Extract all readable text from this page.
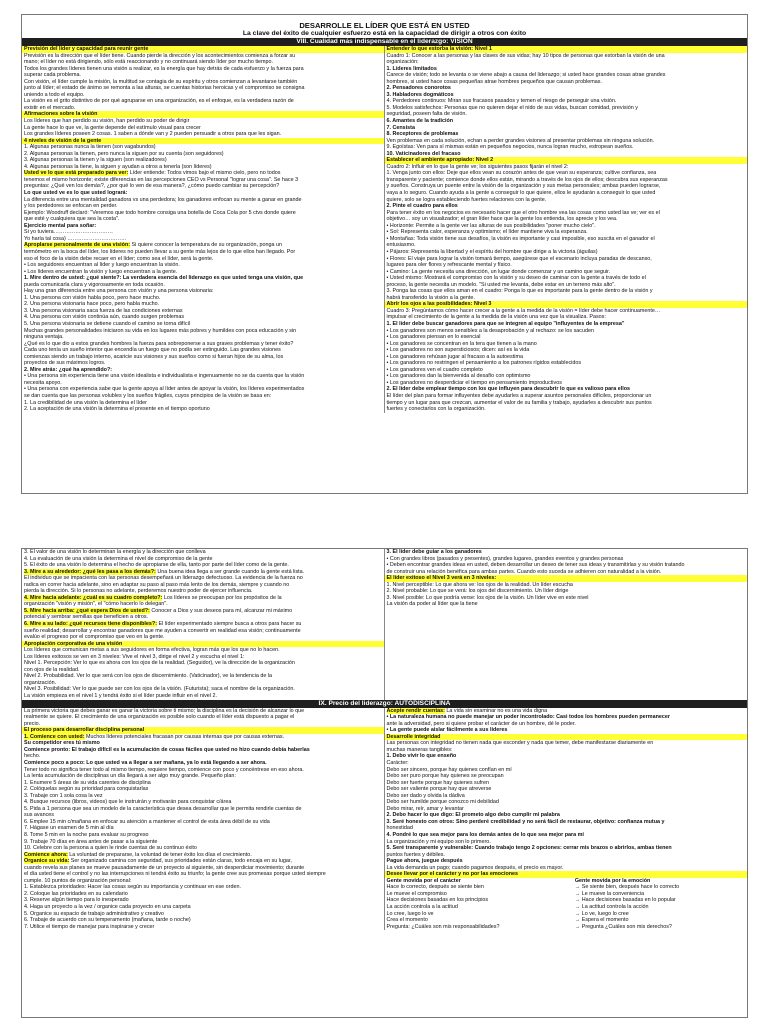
DESARROLLE EL LÍDER QUE ESTÁ EN USTED
La clave del éxito de cualquier esfuerzo está en la capacidad de dirigir a otros con éxito
VIII. Cualidad más indispensable en el liderazgo: VISIÓN
Previsión del líder y capacidad para reunir gente
Previsión es la dirección que el líder tiene. Cuando pierde la dirección y los acontecimientos comienza a forzar su
mano; el líder no está dirigiendo, sólo está reaccionando y no continuará siendo líder por mucho tiempo.
Todos los grandes líderes tienen una visión a realizar, es la energía que hay detrás de cada esfuerzo y la fuerza para
superar cada problema.
Con visión, el líder cumple la misión, la multitud se contagia de su espíritu y otros comienzan a levantarse también
junto al líder; el estado de ánimo se remonta a las alturas, se cuentas historias heroicas y el compromiso se consigna
uniendo a todo el equipo.
La visión es el grito distintivo de por qué agruparse en una organización, es el enfoque, es la verdadera razón de
existir en el mercado.
Afirmaciones sobre la visión
Los líderes que han perdido su visión, han perdido su poder de dirigir
La gente hace lo que ve, la gente depende del estímulo visual para crecer
Los grandes líderes poseen 2 cosas. 1 saben a dónde van y 2 pueden persuadir a otros para que les sigan.
4 niveles de visión de la gente
1. Algunas personas nunca la tienen (son vagabundos)
2. Algunas personas la tienen, pero nunca la siguen por su cuenta (son seguidores)
3. Algunas personas la tienen y la siguen (son realizadores)
4. Algunas personas la tiene, la siguen y ayudan a otros a tenerla (son líderes)
Usted ve lo que está preparado para ver: Líder entiende: Todos vimos bajo el mismo cielo, pero no todos
tenemos el mismo horizonte; existe diferencias en las percepciones CEO vs Personal "lograr una cosa". Se hace 3
preguntas: ¿Qué ven los demás?, ¿por qué lo ven de esa manera?, ¿cómo puedo cambiar su percepción?
Lo que usted ve es lo que usted logrará:
La diferencia entre una mentalidad ganadora vs una perdedora; los ganadores enfocan su mente a ganar en grande
y los perdedores se enfocan en perder.
Ejemplo: Woodruff declaró: "Veremos que todo hombre consiga una botella de Coca Cola por 5 ctvs donde quiere
que esté y cualquiera que sea la costa".
Ejercicio mental para soñar:
Si yo tuviera……………………………
Yo haría tal cosa) ……………………………
Aproplarse personalmente de una visión: Si quiere conocer la temperatura de su organización, ponga un
termómetro en la boca del líder, los líderes no pueden llevar a su gente más lejos de lo que ellos han llegado. Por
eso el foco de la visión debe recaer en el líder; como sea el líder, será la gente.
• Los seguidores encuentran al líder y luego encuentran la visión.
• Los líderes encuentran la visión y luego encuentran a la gente.
1. Mire dentro de usted: ¿qué siente?: La verdadera esencia del liderazgo es que usted tenga una visión, que
pueda comunicarla clara y vigorosamente en toda ocasión.
Hay una gran diferencia entre una persona con visión y una persona visionaria:
1. Una persona con visión habla poco, pero hace mucho.
2. Una persona visionaria hace poco, pero habla mucho.
3. Una persona visionaria saca fuerza de las condiciones externas
4. Una persona con visión continúa aún, cuando surgen problemas
5. Una persona visionaria se detiene cuando el camino se torna difícil
Muchas grandes personalidades iniciaron su vida en los lugares más pobres y humildes con poca educación y sin
ninguna ventaja.
¿Qué es lo que dio a estos grandes hombres la fuerza para sobreponerse a sus graves problemas y tener éxito?
Cada uno tenía un sueño interior que encendía un fuego que no podía ser extinguido. Las grandes visiones
comienzas siendo un trabajo interno, acaricie sus visiones y sus sueños como si fueran hijos de su alma, los
proyectos de sus máximos logros.
2. Mire atrás: ¿qué ha aprendido?:
• Una persona sin experiencia tiene una visión idealista e individualista e ingenuamente no se da cuenta que la visión
necesita apoyo.
• Una persona con experiencia sabe que la gente apoya al líder antes de apoyar la visión, los líderes experimentados
se dan cuenta que las personas volubles y los sueños frágiles, cuyos principios de la visión se basa en:
1. La credibilidad de una visión la determina el líder
2. La aceptación de una visión la determina el presente en el tiempo oportuno
Entender lo que estorba la visión: Nivel 1
Cuadro 1: Conocer a las personas y las claves de sus vidas; hay 10 tipos de personas que estorban la visión de una
organización:
1. Líderes limitados
Carece de visión; todo se levanta o se viene abajo a causa del liderazgo; si usted hace grandes cosas atrae grandes
hombres, si usted hace cosas pequeñas atrae hombres pequeños que causan problemas.
2. Pensadores conorotos
3. Habladores dogmáticos
4. Perdedores continuos: Miran sus fracasos pasados y temen el riesgo de perseguir una visión.
5. Modelos satisfechos: Personas que no quieren dejar el nido de sus vidas, buscan comidad, previsión y
seguridad, poseen falta de visión.
6. Amantes de la tradición
7. Censista
8. Receptores de problemas
Ven problemas en cada solución, echan a perder grandes visiones al presentar problemas sin ninguna solución.
9. Egoístas: Ven para sí mismas están en pequeños negocios, nunca logran mucho, estropean sueños.
10. Vaticinadores del fracaso
Establecer el ambiente apropiado: Nivel 2
Cuadro 2: Influir en lo que la gente ve; los siguientes pasos fijarán el nivel 2:
1. Venga junto con ellos: Deje que ellos vean su corazón antes de que vean su esperanza; cultive confianza, sea
transparente y paciente; comience donde ellos están, mirando a través de los ojos de ellos; descubra sus esperanzas
y sueños. Construya un puente entre la visión de la organización y sus metas personales; ambas pueden lograrse,
vaya a lo seguro. Cuando ayuda a la gente a conseguir lo que quiere, ellos le ayudarán a conseguir lo que usted
quiere, solo se logra estableciendo fuertes relaciones con la gente.
2. Pinte el cuadro para ellos
Para tener éxito en los negocios es necesario hacer que el otro hombre vea las cosas como usted las ve; ver es el
objetivo… soy un visualizador; el gran líder hace que la gente los entienda, los aprecie y los vea.
• Horizonte: Permite a la gente ver las alturas de sus posibilidades "poner mucho cielo".
• Sol: Representa calor, esperanza y optimismo; el líder mantiene viva la esperanza.
• Montañas: Toda visión tiene sus desafíos, la visión es importante y casi imposible, eso suscita en el ganador el
entusiasmo.
• Pájaros: Representa la libertad y el espíritu del hombre que dirige a la victoria (águilas)
• Flores: El viaje para lograr la visión tomará tiempo, asegúrese que el escenario incluya paradas de descanso,
lugares para oler flores y refrescante mental y físico.
• Camino: La gente necesita una dirección, un lugar donde comenzar y un camino que seguir.
• Usted mismo: Mostrará el compromiso con la visión y su deseo de caminar con la gente a través de todo el
proceso, la gente necesita un modelo. "Si usted me levanta, debe estar en un terreno más alto".
3. Ponga las cosas que ellos aman en el cuadro: Ponga lo que es importante para la gente dentro de la visión y
habrá transferido la visión a la gente.
Abrir los ojos a las posibilidades: Nivel 3
Cuadro 3: Pregúntamos cómo hacer crecer a la gente a la medida de la visión = líder debe hacer continuamente…
impulsar el crecimiento de la gente a la medida de la visión una vez que la visualiza. Pasos:
1. El líder debe buscar ganadores para que se integren al equipo "influyentes de la empresa"
• Los ganadores son menos sensibles a la desaprobación y al rechazo: se los sacuden
• Los ganadores piensan en lo esencial
• Los ganadores se concentran en la tera que tienen a la mano
• Los ganadores no son supersticiosos; dicen: así es la vida
• Los ganadores rehúsan jugar al fracaso a la autoestima
• Los ganadores no restringen el pensamiento a los patrones rígidos establecidos
• Los ganadores ven el cuadro completo
• Los ganadores dan la bienvenida al desafío con optimismo
• Los ganadores no desperdiciar el tiempo en pensamiento improductivos
2. El líder debe emplear tiempo con los que influyen para descubrir lo que es valioso para ellos
El líder del plan para formar influyentes debe ayudarles a superar asuntos personales difíciles, proporcionar un
tiempo y un lugar para que crezcan, aumentar el valor de su familia y trabajo, ayudarles a descubrir sus puntos
fuertes y conectarlos con la organización.
3. El valor de una visión lo determinan la energía y la dirección que conlleva
4. La evaluación de una visión la determina el nivel de compromiso de la gente
5. El éxito de una visión lo determina el hecho de apropiarse de ella, tanto por parte del líder como de la gente.
3. Mire a su alrededor: ¿qué les pasa a los demás?: Una buena idea llega a ser grande cuando la gente está lista.
El individuo que se impacienta con las personas desempeñará un liderazgo defectuoso. La evidencia de la fuerza no
radica en correr hacia adelante, sino en adaptar su paso al paso más lento de los demás, siempre y cuando no
pierda la dirección. Si lo personas no adelante, perderemos nuestro poder de ejercer influencia.
4. Mire hacia adelante: ¿cuál es su cuadro completo?: Los líderes se preocupan por los propósitos de la
organización "visión y misión", el "cómo hacerlo lo delegan".
5. Mire hacia arriba: ¿qué espera Dios de usted?: Conocer a Dios y sus deseos para mí, alcanzar mi máximo
potencial y sembrar semillas que beneficien a otros.
6. Mire a su lado: ¿qué recursos tiene disponibles?: El líder experimentado siempre busca a otros para hacer su
sueño realidad; desarrollar y encontrar ganadores que me ayuden a convertir en realidad esa visión; continuamente
evalúo el progreso por el compromiso que veo en la gente.
Apropiación corporativa de una visión
Los líderes que comunican metas a sus seguidores en forma efectiva, logran más que los que no lo hacen.
Los líderes exitosos se ven en 3 niveles: Vive el nivel 3, dirige el nivel 2 y escucha el nivel 1:
Nivel 1. Percepción: Ver lo que es ahora con los ojos de la realidad. (Seguidor), ve la dirección de la organización
con ojos de la realidad.
Nivel 2. Probabilidad. Ver lo que será con los ojos de discernimiento. (Vaticinador), ve la tendencia de la
organización.
Nivel 3. Posibilidad: Ver lo que puede ser con los ojos de la visión. (Futurista); saca el nombre de la organización.
La visión empieza en el nivel 1 y tendrá éxito si el líder puede influir en el nivel 2.
3. El líder debe guiar a los ganadores
• Con grandes libros (pasados y presentes), grandes lugares, grandes eventos y grandes personas
• Deben encontrar grandes ideas en usted, deben desarrollar un deseo de tener sus ideas y transmitirlas y su visión tratando
de construir una relación benéfica para ambas partes. Cuando esto suceda se adhieren con naturalidad a la visión.
El líder exitoso el Nivel 3 verá en 3 niveles:
1. Nivel perceptible: Lo que ahora ve: los ojos de la realidad. Un líder escucha
2. Nivel probable: Lo que se verá: los ojos del discernimiento. Un líder dirige
3. Nivel posible: Lo que podría verse: los ojos de la visión. Un líder vive en este nivel
La visión da poder al líder que la tiene
IX. Precio del liderazgo: AUTODISCIPLINA
La primera victoria que debes ganar es ganar la victoria sobre ti mismo; la disciplina es la decisión de alcanzar lo que
realmente se quiere. El crecimiento de una organización es posible solo cuando el líder está dispuesto a pagar el
precio.
El proceso para desarrollar disciplina personal
1. Comience con usted: Muchos líderes potenciales fracasan por causas internas que por causas externas.
Su competidor eres tú mismo
Comience pronto: El trabajo difícil es la acumulación de cosas fáciles que usted no hizo cuando debía haberlas
hecho.
Comience poco a poco: Lo que usted va a llegar a ser mañana, ya lo está llegando a ser ahora.
Tener todo no significa tener todo al mismo tiempo, requiere tiempo, comience con poco y concéntrese en eso ahora.
La lenta acumulación de disciplinas un día llegará a ser algo muy grande. Pequeño plan:
1. Enumere 5 áreas de su vida carentes de disciplina
2. Colóquelas según su prioridad para conquistarlas
3. Trabaje con 1 sola cosa la vez
4. Busque recursos (libros, videos) que le instruirán y motivarán para conquistar c/área
5. Pida a 1 persona que sea un modelo de la característica que desea desarrollar que le permita rendirle cuentas de
sus avances
6. Emplee 15 min c/mañana en enfocar su atención a mantener el control de esta área débil de su vida
7. Hágase un examen de 5 min al día
8. Tome 5 min en la noche para evaluar su progreso
9. Trabaje 70 días en área antes de pasar a la siguiente
10. Celebre con la persona a quien le rinde cuentas de su continuo éxito
Comience ahora: La voluntad de prepararse, la voluntad de tener éxito los días el crecimiento.
Organice su vida: Ser organizado camina con seguridad, sus prioridades están claras, todo encaja en su lugar,
cuando revela sus planes se mueve pausadamente de un proyecto al siguiente, sin desperdiciar movimiento; durante
el día usted tiene el control y no las interrupciones ni tendrá éxito su triunfo; la gente cree sus promesas porque usted siempre
cumple. 10 puntos de organización personal:
1. Establezca prioridades: Hacer las cosas según su importancia y continuar en ese orden.
2. Coloque las prioridades en su calendario
3. Reserve algún tiempo para lo inesperado
4. Haga un proyecto a la vez / organice cada proyecto en una carpeta
5. Organice su espacio de trabajo administrativo y creativo
6. Trabaje de acuerdo con su temperamento (mañana, tarde o noche)
7. Utilice el tiempo de manejar para inspirarse y crecer
Acepte rendir cuentas: La vida sin examinar no es una vida digna
• La naturaleza humana no puede manejar un poder incontrolado: Casi todos los hombres pueden permanecer
ante la adversidad, pero si quiere probar el carácter de un hombre, dé le poder.
• La gente puede aislar fácilmente a sus líderes
Desarrolle integridad
Las personas con integridad no tienen nada que esconder y nada que temer, debe manifestarse diariamente en
muchas maneras tangibles:
1. Debo vivir lo que enseño
Carácter:
Debo ser sincero, porque hay quienes confían en mí
Debo ser puro porque hay quienes se preocupan
Debo ser fuerte porque hay quienes sufren
Debo ser valiente porque hay que atreverse
Debo ser dado y olvida la dádiva
Debo ser humilde porque conozco mi debilidad
Debo mirar, reír, amar y levantar
2. Debo hacer lo que digo: El prometo algo debo cumplir mi palabra
3. Seré honesto con otros: Sino perderé credibilidad y no será fácil de restaurar, objetivo: confianza mutua y
honestidad
4. Pondré lo que sea mejor para los demás antes de lo que sea mejor para mí
La organización y mi equipo son lo primero.
5. Seré transparente y vulnerable: Cuando trabajo tengo 2 opciones: cerrar mis brazos o abrirlos, ambas tienen
puntos fuertes y débiles.
Pague ahora, juegue después
La vida demanda un pago; cuando pagamos después, el precio es mayor.
Desee llevar por el carácter y no por las emociones
Gente movida por el carácter	Gente movida por la emoción
Hace lo correcto, después se siente bien	→ Se siente bien, después hace lo correcto
Le mueve el compromiso	→ Le mueve la conveniencia
Hace decisiones basadas en los principios	→ Hace decisiones basadas en lo popular
La acción controla a la actitud	→ La actitud controla la acción
Lo cree, luego lo ve	→ Lo ve, luego lo cree
Crea el momento	→ Espera el momento
Pregunta: ¿Cuáles son mis responsabilidades?	→ Pregunta ¿Cuáles son mis derechos?
